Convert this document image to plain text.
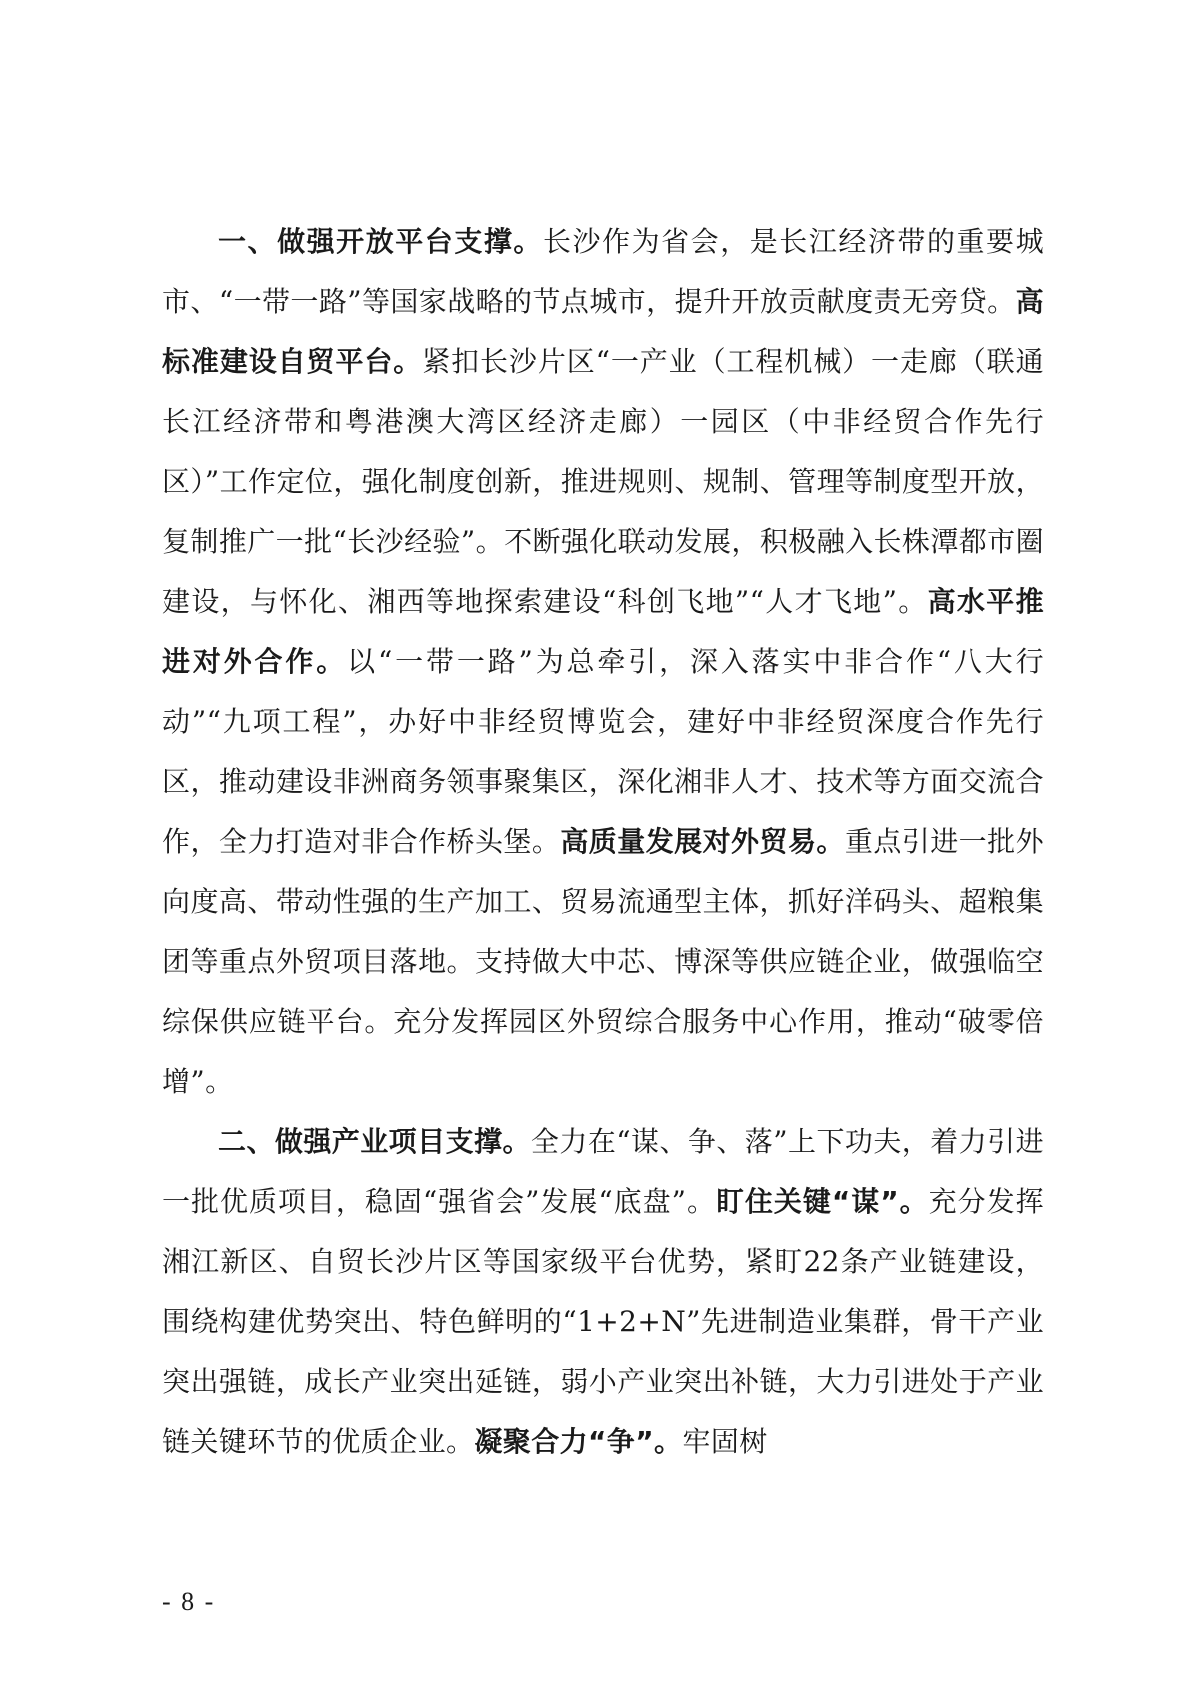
一、做强开放平台支撑。长沙作为省会，是长江经济带的重要城市、“一带一路”等国家战略的节点城市，提升开放贡献度责无旁贷。高标准建设自贸平台。紧扣长沙片区“一产业（工程机械）一走廊（联通长江经济带和粤港澳大湾区经济走廊）一园区（中非经贸合作先行区）”工作定位，强化制度创新，推进规则、规制、管理等制度型开放，复制推广一批“长沙经验”。不断强化联动发展，积极融入长株潭都市圈建设，与怀化、湘西等地探索建设“科创飞地”“人才飞地”。高水平推进对外合作。以“一带一路”为总牵引，深入落实中非合作“八大行动”“九项工程”，办好中非经贸博览会，建好中非经贸深度合作先行区，推动建设非洲商务领事聚集区，深化湘非人才、技术等方面交流合作，全力打造对非合作桥头堡。高质量发展对外贸易。重点引进一批外向度高、带动性强的生产加工、贸易流通型主体，抓好洋码头、超粮集团等重点外贸项目落地。支持做大中芯、博深等供应链企业，做强临空综保供应链平台。充分发挥园区外贸综合服务中心作用，推动“破零倍增”。

二、做强产业项目支撑。全力在“谋、争、落”上下功夫，着力引进一批优质项目，稳固“强省会”发展“底盘”。盯住关键“谋”。充分发挥湘江新区、自贸长沙片区等国家级平台优势，紧盯22条产业链建设，围绕构建优势突出、特色鲜明的“1+2+N”先进制造业集群，骨干产业突出强链，成长产业突出延链，弱小产业突出补链，大力引进处于产业链关键环节的优质企业。凝聚合力“争”。牢固树

- 8 -
